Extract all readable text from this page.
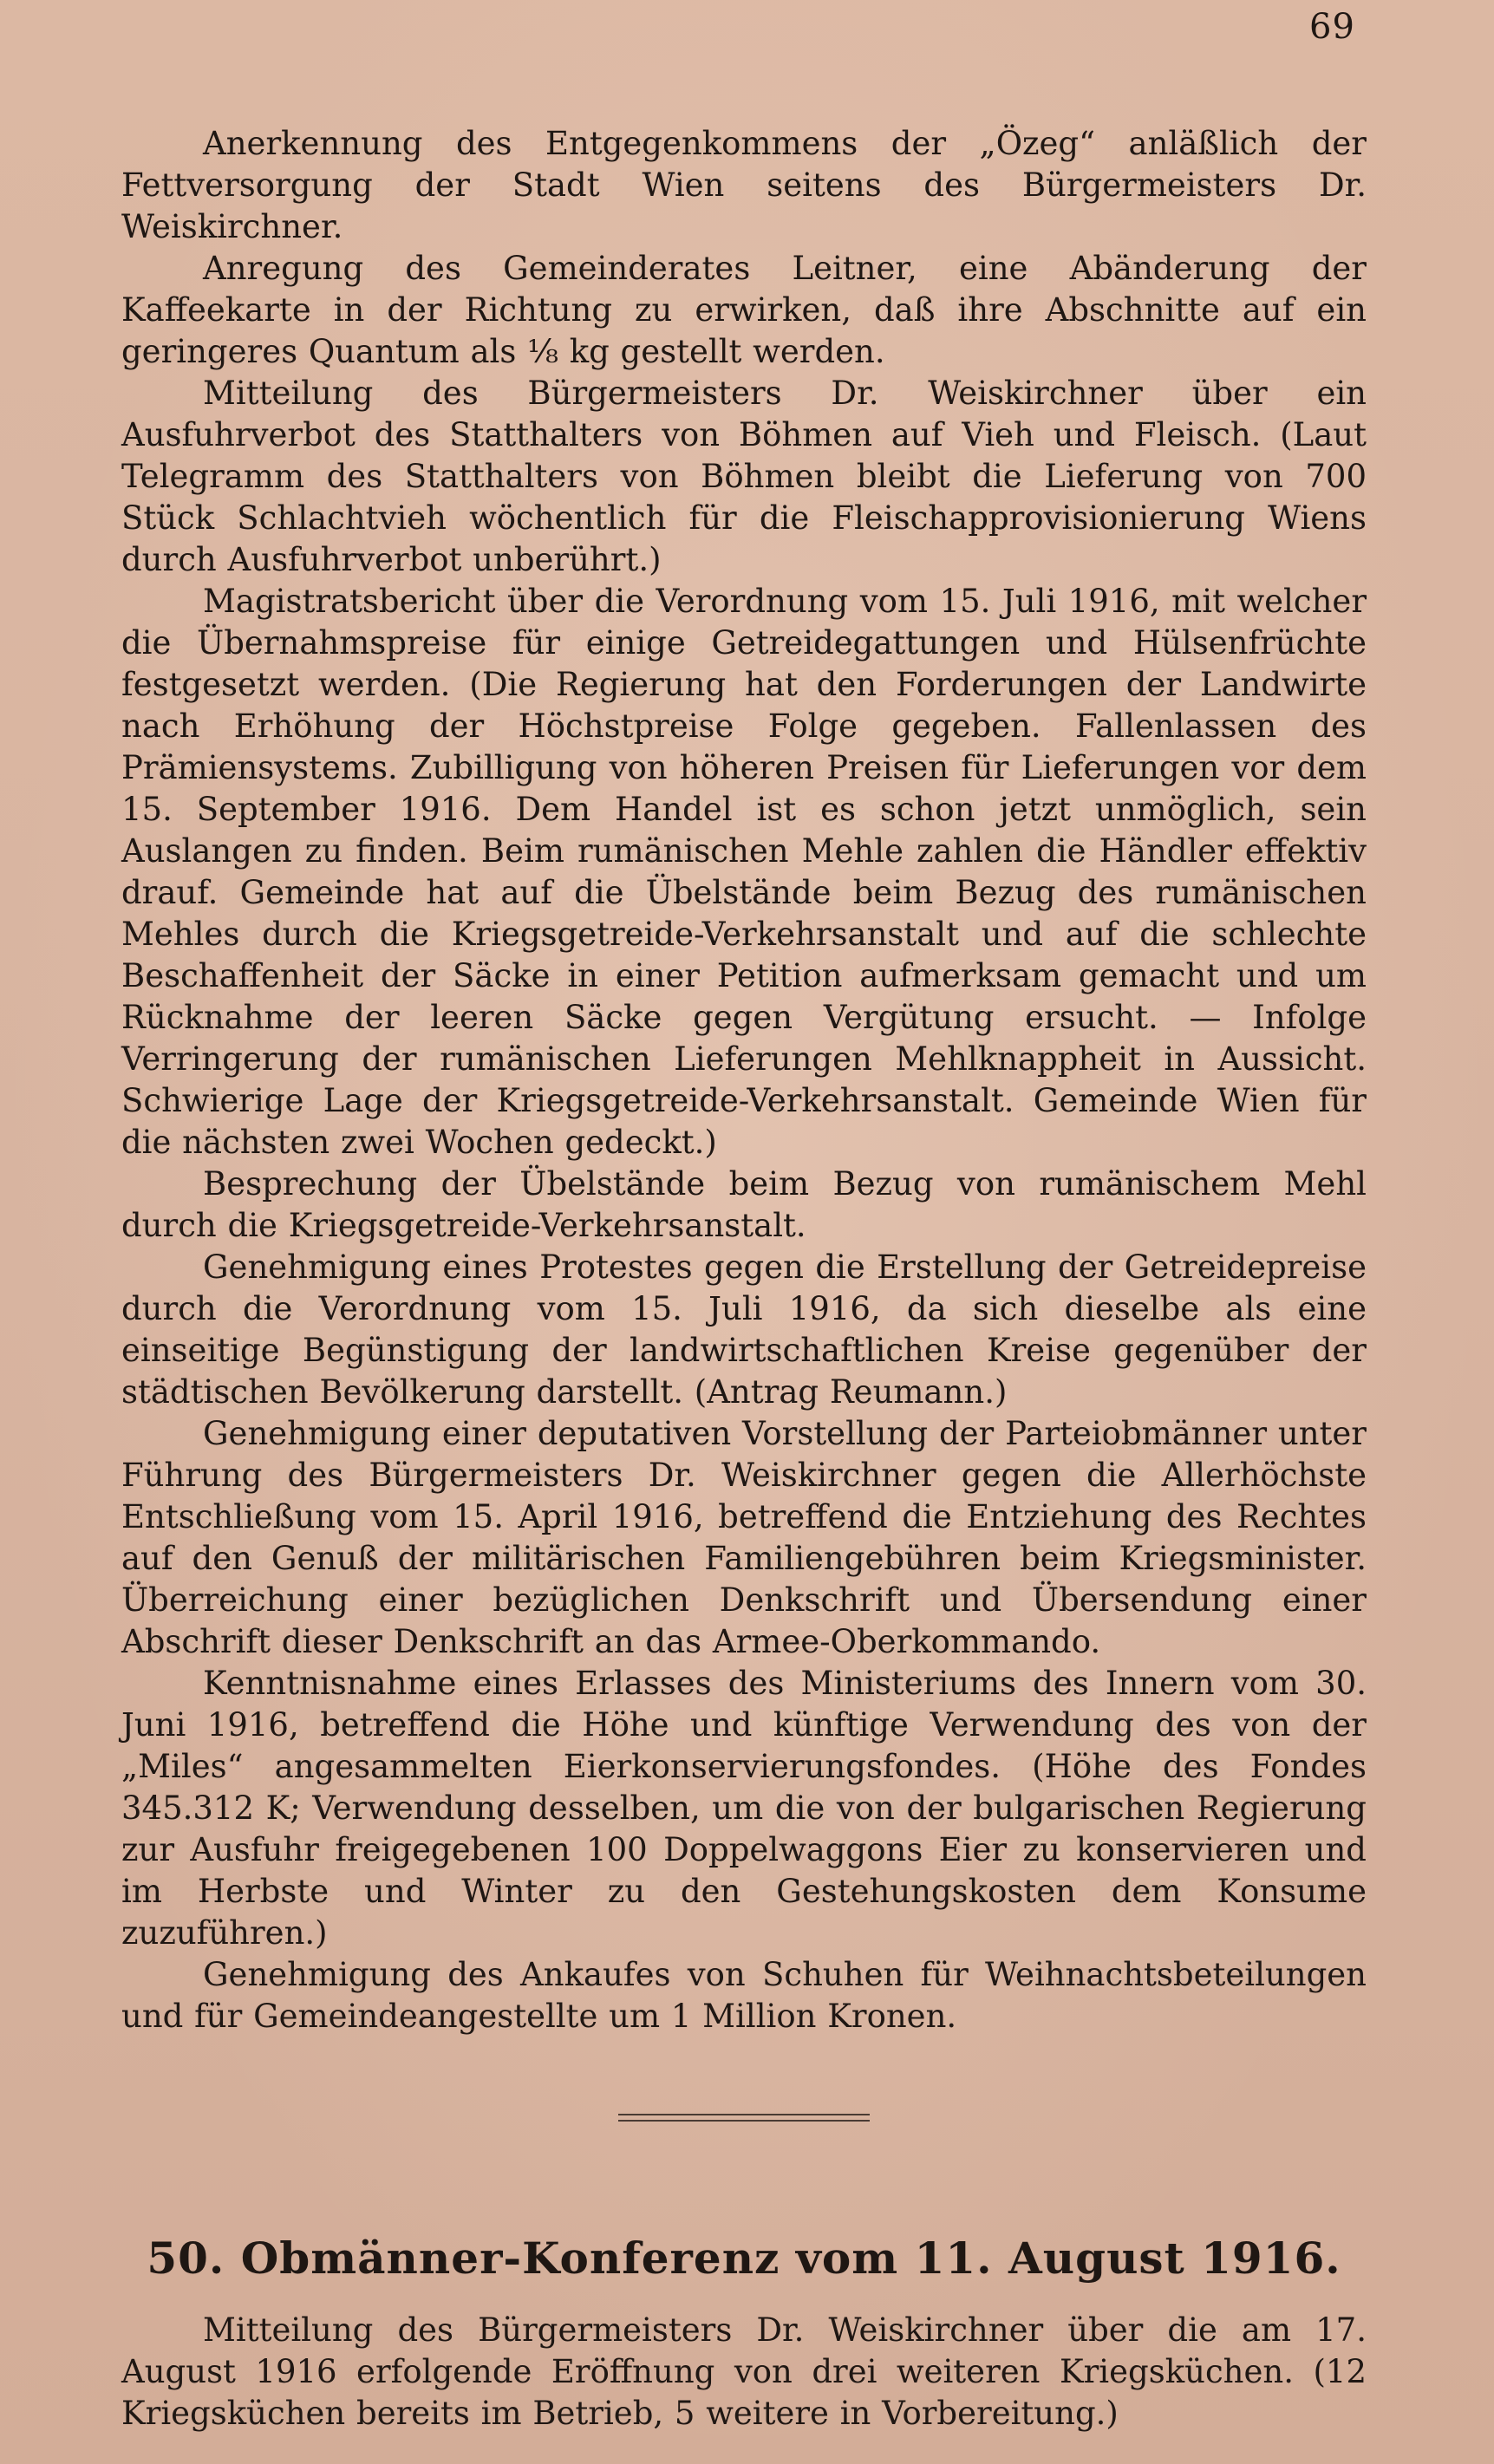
69

Anerkennung des Entgegenkommens der „Özeg“ anläßlich der Fettversorgung der Stadt Wien seitens des Bürgermeisters Dr. Weiskirchner.

Anregung des Gemeinderates Leitner, eine Abänderung der Kaffeekarte in der Richtung zu erwirken, daß ihre Abschnitte auf ein geringeres Quantum als ¹⁄₈ kg gestellt werden.

Mitteilung des Bürgermeisters Dr. Weiskirchner über ein Ausfuhrverbot des Statthalters von Böhmen auf Vieh und Fleisch. (Laut Telegramm des Statthalters von Böhmen bleibt die Lieferung von 700 Stück Schlachtvieh wöchentlich für die Fleischapprovisionierung Wiens durch Ausfuhrverbot unberührt.)

Magistratsbericht über die Verordnung vom 15. Juli 1916, mit welcher die Übernahmspreise für einige Getreidegattungen und Hülsenfrüchte festgesetzt werden. (Die Regierung hat den Forderungen der Landwirte nach Erhöhung der Höchstpreise Folge gegeben. Fallenlassen des Prämiensystems. Zubilligung von höheren Preisen für Lieferungen vor dem 15. September 1916. Dem Handel ist es schon jetzt unmöglich, sein Auslangen zu finden. Beim rumänischen Mehle zahlen die Händler effektiv drauf. Gemeinde hat auf die Übelstände beim Bezug des rumänischen Mehles durch die Kriegsgetreide-Verkehrsanstalt und auf die schlechte Beschaffenheit der Säcke in einer Petition aufmerksam gemacht und um Rücknahme der leeren Säcke gegen Vergütung ersucht. — Infolge Verringerung der rumänischen Lieferungen Mehlknappheit in Aussicht. Schwierige Lage der Kriegsgetreide-Verkehrsanstalt. Gemeinde Wien für die nächsten zwei Wochen gedeckt.)

Besprechung der Übelstände beim Bezug von rumänischem Mehl durch die Kriegsgetreide-Verkehrsanstalt.

Genehmigung eines Protestes gegen die Erstellung der Getreidepreise durch die Verordnung vom 15. Juli 1916, da sich dieselbe als eine einseitige Begünstigung der landwirtschaftlichen Kreise gegenüber der städtischen Bevölkerung darstellt. (Antrag Reumann.)

Genehmigung einer deputativen Vorstellung der Parteiobmänner unter Führung des Bürgermeisters Dr. Weiskirchner gegen die Allerhöchste Entschließung vom 15. April 1916, betreffend die Entziehung des Rechtes auf den Genuß der militärischen Familiengebühren beim Kriegsminister. Überreichung einer bezüglichen Denkschrift und Übersendung einer Abschrift dieser Denkschrift an das Armee-Oberkommando.

Kenntnisnahme eines Erlasses des Ministeriums des Innern vom 30. Juni 1916, betreffend die Höhe und künftige Verwendung des von der „Miles“ angesammelten Eierkonservierungsfondes. (Höhe des Fondes 345.312 K; Verwendung desselben, um die von der bulgarischen Regierung zur Ausfuhr freigegebenen 100 Doppelwaggons Eier zu konservieren und im Herbste und Winter zu den Gestehungskosten dem Konsume zuzuführen.)

Genehmigung des Ankaufes von Schuhen für Weihnachtsbeteilungen und für Gemeindeangestellte um 1 Million Kronen.

50. Obmänner-Konferenz vom 11. August 1916.

Mitteilung des Bürgermeisters Dr. Weiskirchner über die am 17. August 1916 erfolgende Eröffnung von drei weiteren Kriegsküchen. (12 Kriegsküchen bereits im Betrieb, 5 weitere in Vorbereitung.)
